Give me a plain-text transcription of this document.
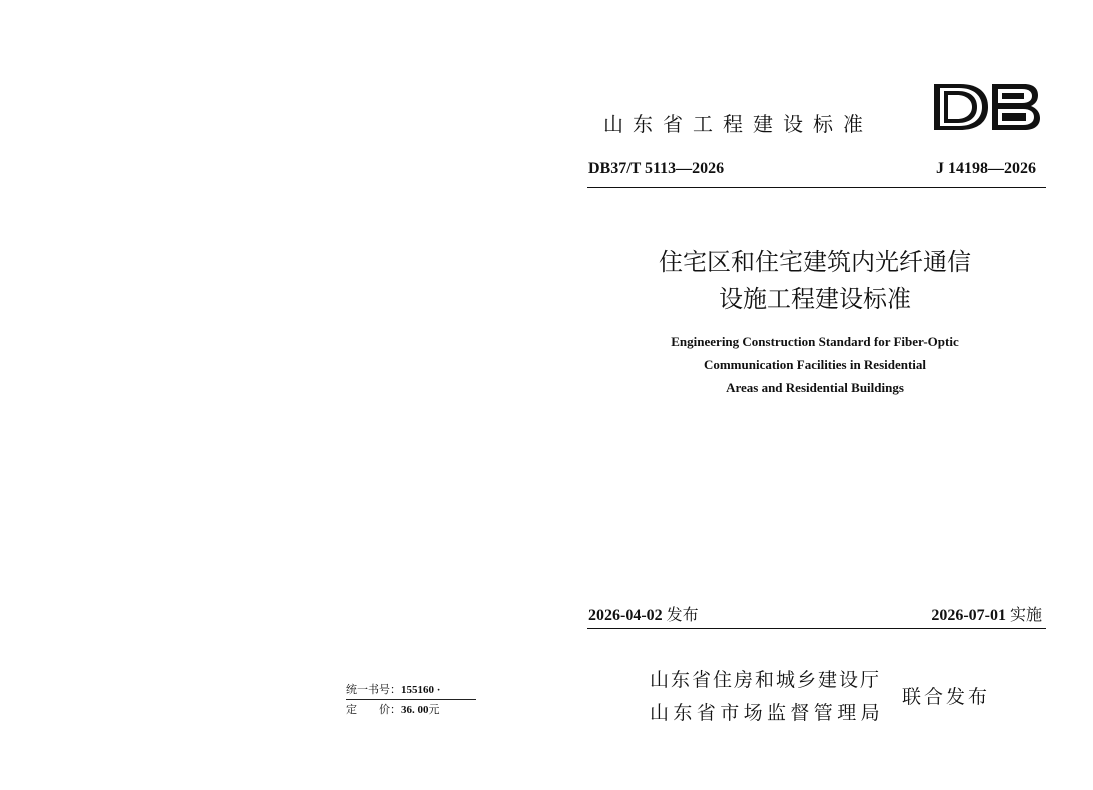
统一书号：155160 ·
定　　价：36. 00元
山东省工程建设标准
DB37/T 5113—2026	J 14198—2026
住宅区和住宅建筑内光纤通信
设施工程建设标准
Engineering Construction Standard for Fiber-Optic
Communication Facilities in Residential
Areas and Residential Buildings
2026-04-02 发布	2026-07-01 实施
山东省住房和城乡建设厅
山东省市场监督管理局
联合发布
